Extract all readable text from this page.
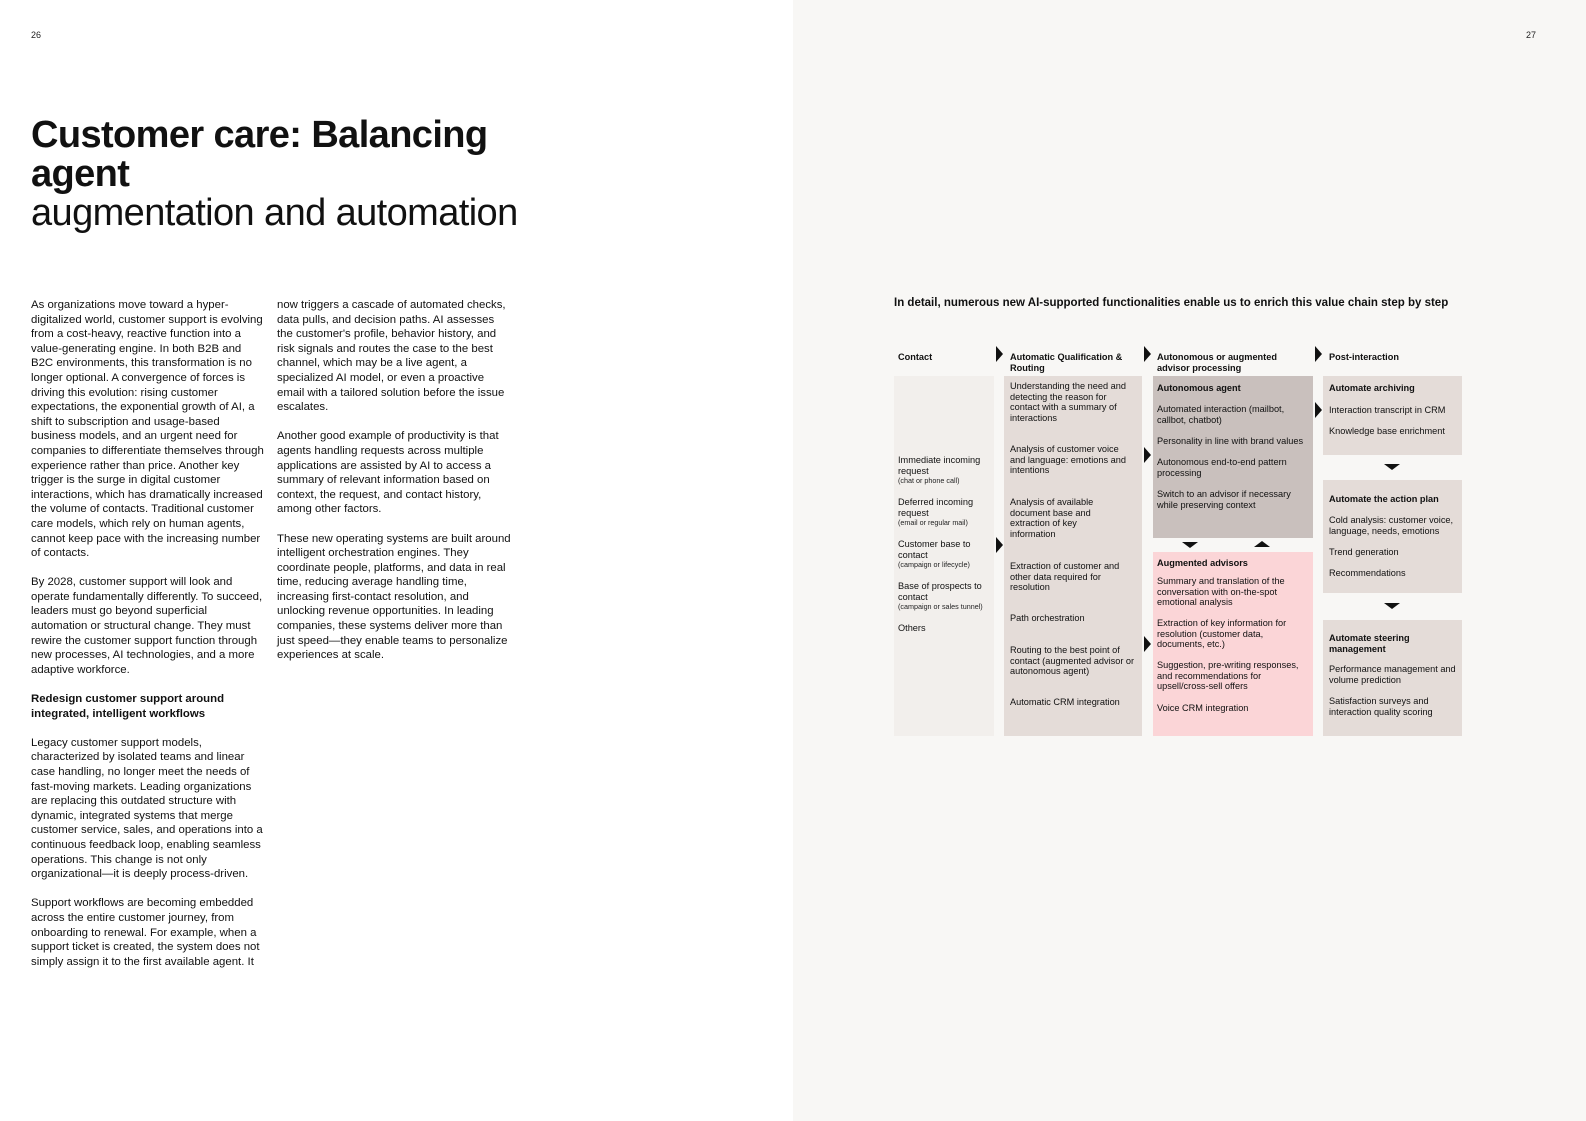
26	27
Customer care: Balancing agent
augmentation and automation

As organizations move toward a hyper-digitalized world, customer support is evolving from a cost-heavy, reactive function into a value-generating engine. In both B2B and B2C environments, this transformation is no longer optional. A convergence of forces is driving this evolution: rising customer expectations, the exponential growth of AI, a shift to subscription and usage-based business models, and an urgent need for companies to differentiate themselves through experience rather than price. Another key trigger is the surge in digital customer interactions, which has dramatically increased the volume of contacts. Traditional customer care models, which rely on human agents, cannot keep pace with the increasing number of contacts.

By 2028, customer support will look and operate fundamentally differently. To succeed, leaders must go beyond superficial automation or structural change. They must rewire the customer support function through new processes, AI technologies, and a more adaptive workforce.

Redesign customer support around integrated, intelligent workflows

Legacy customer support models, characterized by isolated teams and linear case handling, no longer meet the needs of fast-moving markets. Leading organizations are replacing this outdated structure with dynamic, integrated systems that merge customer service, sales, and operations into a continuous feedback loop, enabling seamless operations. This change is not only organizational—it is deeply process-driven.

Support workflows are becoming embedded across the entire customer journey, from onboarding to renewal. For example, when a support ticket is created, the system does not simply assign it to the first available agent. It

now triggers a cascade of automated checks, data pulls, and decision paths. AI assesses the customer's profile, behavior history, and risk signals and routes the case to the best channel, which may be a live agent, a specialized AI model, or even a proactive email with a tailored solution before the issue escalates.

Another good example of productivity is that agents handling requests across multiple applications are assisted by AI to access a summary of relevant information based on context, the request, and contact history, among other factors.

These new operating systems are built around intelligent orchestration engines. They coordinate people, platforms, and data in real time, reducing average handling time, increasing first-contact resolution, and unlocking revenue opportunities. In leading companies, these systems deliver more than just speed—they enable teams to personalize experiences at scale.

In detail, numerous new AI-supported functionalities enable us to enrich this value chain step by step
Contact	Automatic Qualification & Routing
Autonomous or augmented advisor processing
Post-interaction
Immediate incoming request
(chat or phone call)
Deferred incoming request
(email or regular mail)
Customer base to contact
(campaign or lifecycle)
Base of prospects to contact
(campaign or sales tunnel)
Others
Understanding the need and detecting the reason for contact with a summary of interactions
Analysis of customer voice and language: emotions and intentions
Analysis of available document base and extraction of key information
Extraction of customer and other data required for resolution
Path orchestration
Routing to the best point of contact (augmented advisor or autonomous agent)
Automatic CRM integration
Autonomous agent
Automated interaction (mailbot, callbot, chatbot)
Personality in line with brand values
Autonomous end-to-end pattern processing
Switch to an advisor if necessary while preserving context
Augmented advisors
Summary and translation of the conversation with on-the-spot emotional analysis
Extraction of key information for resolution (customer data, documents, etc.)
Suggestion, pre-writing responses, and recommendations for upsell/cross-sell offers
Voice CRM integration
Automate archiving
Interaction transcript in CRM
Knowledge base enrichment
Automate the action plan
Cold analysis: customer voice, language, needs, emotions
Trend generation
Recommendations
Automate steering management
Performance management and volume prediction
Satisfaction surveys and interaction quality scoring
